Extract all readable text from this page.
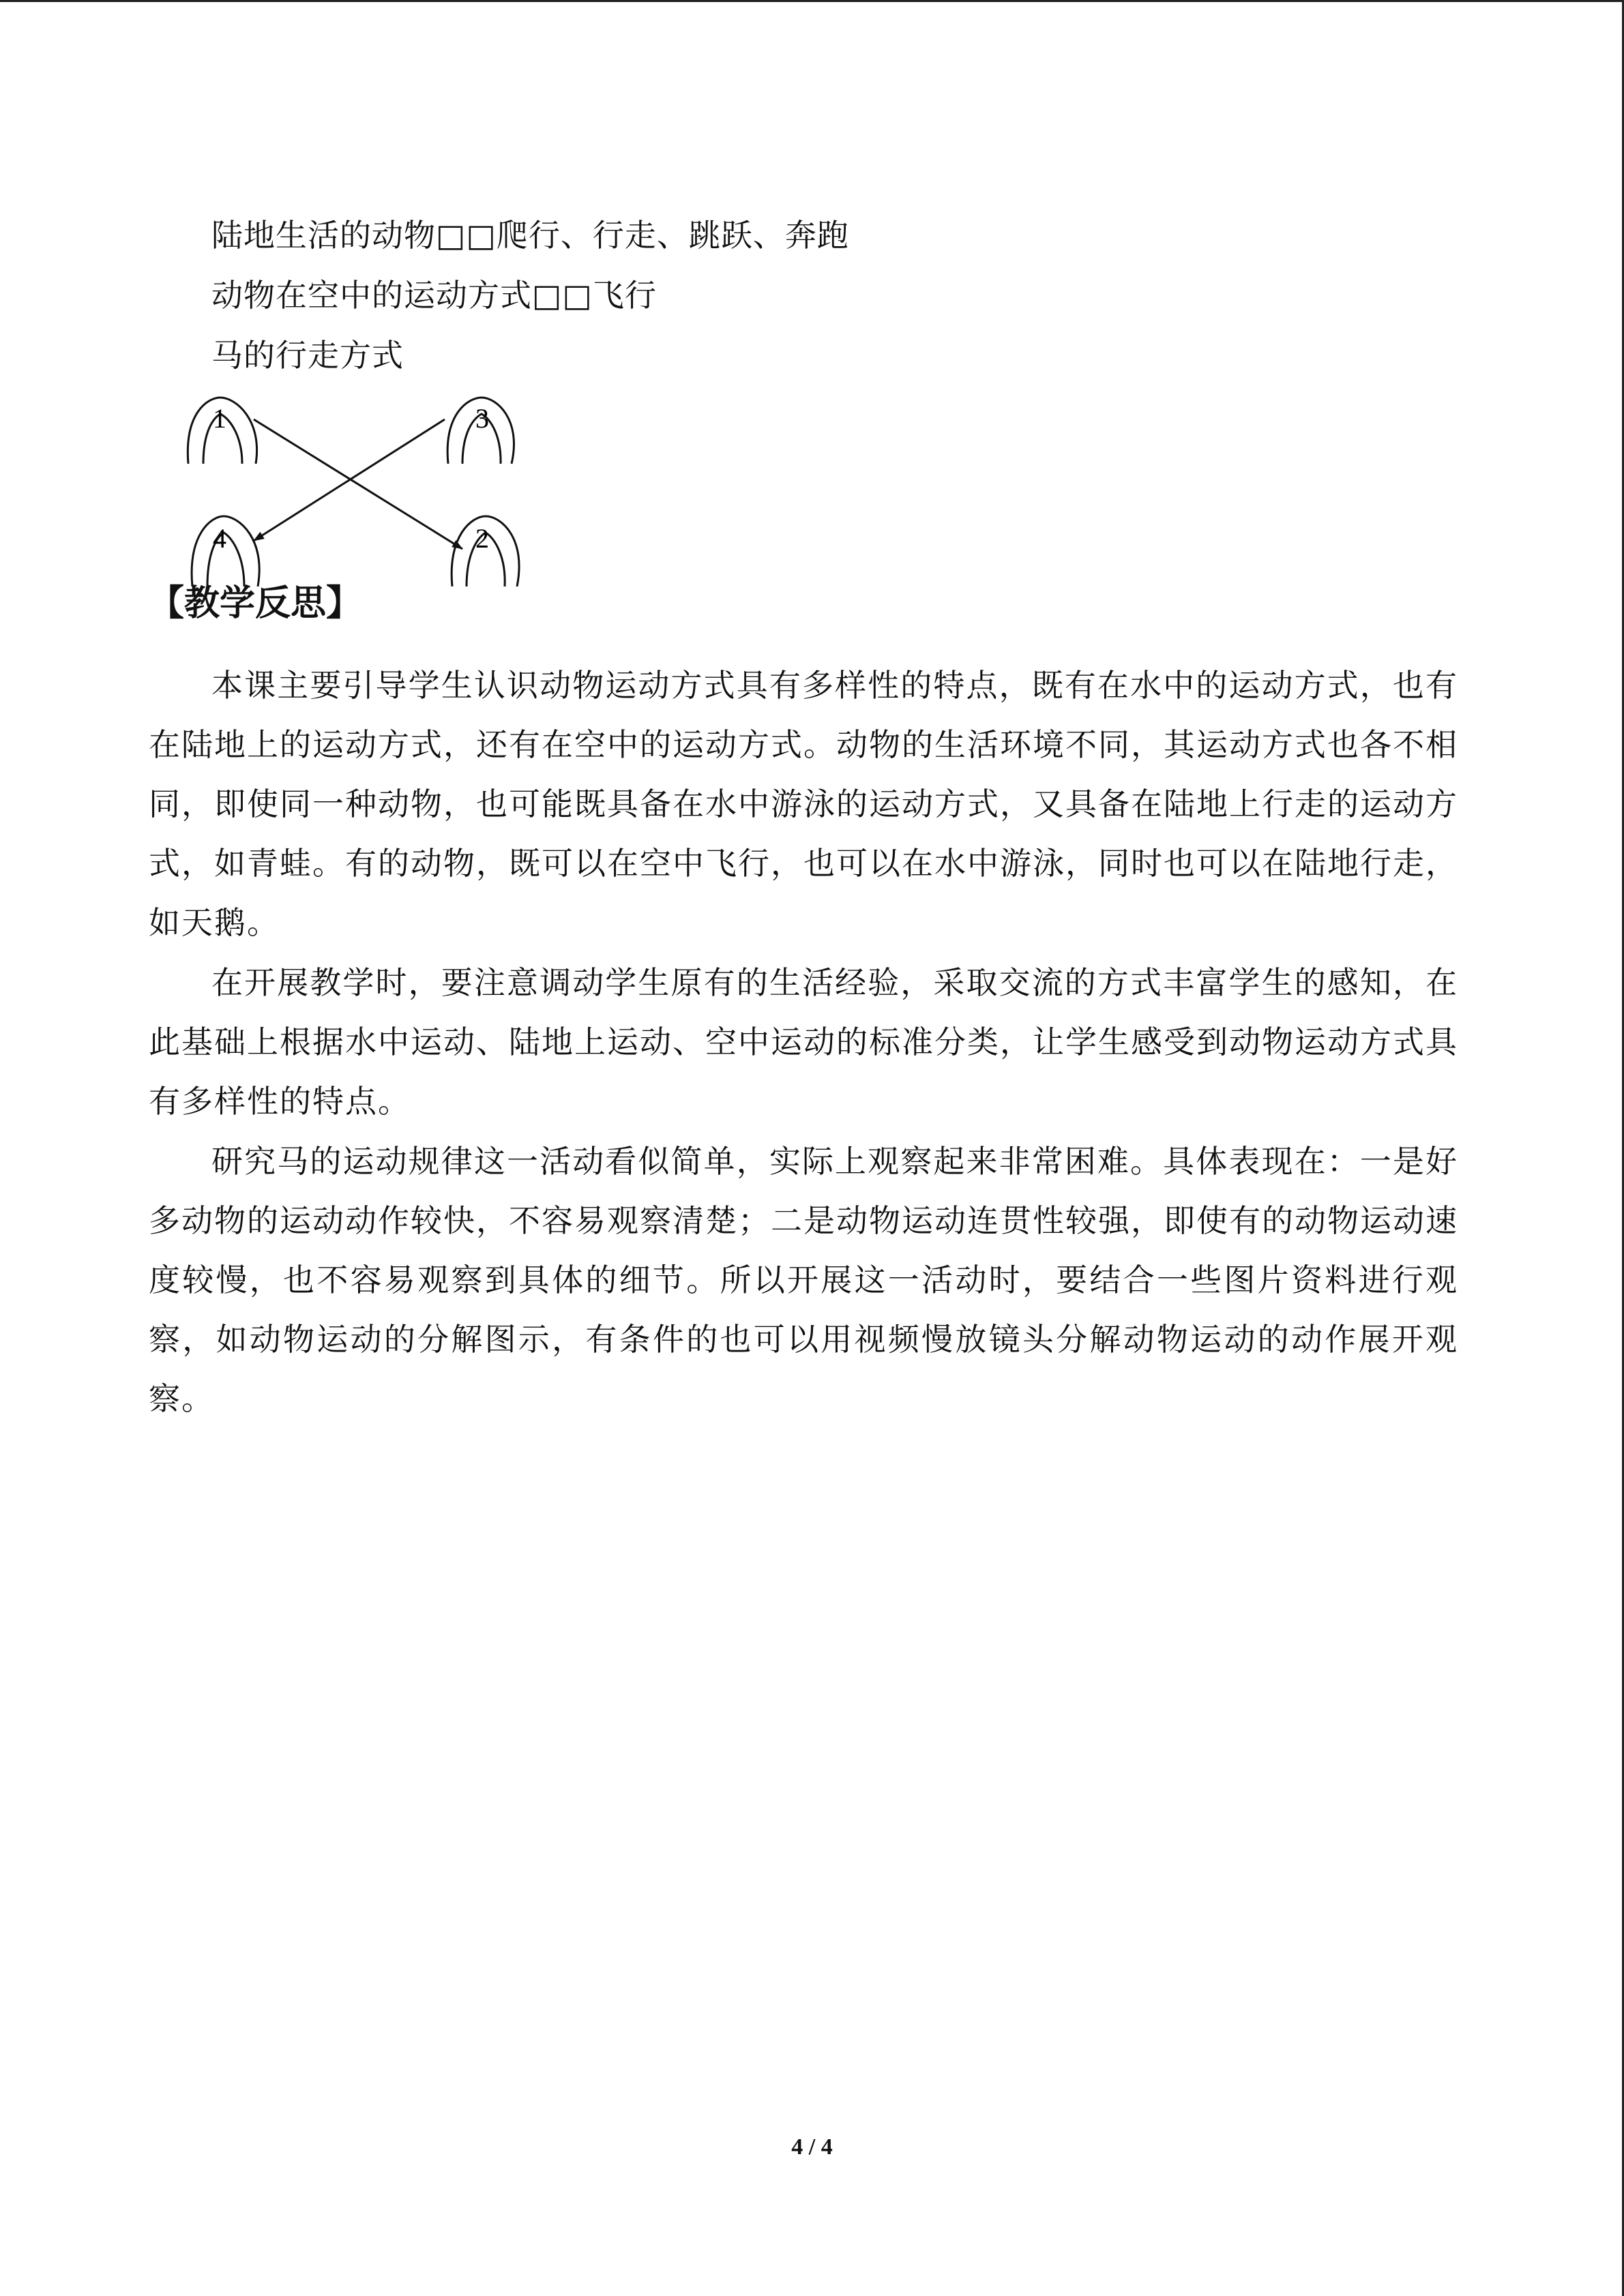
陆地生活的动物□□爬行、行走、跳跃、奔跑
动物在空中的运动方式□□飞行
马的行走方式
1	3
4	2
【教学反思】
本课主要引导学生认识动物运动方式具有多样性的特点，既有在水中的运动方式，也有在陆地上的运动方式，还有在空中的运动方式。动物的生活环境不同，其运动方式也各不相同，即使同一种动物，也可能既具备在水中游泳的运动方式，又具备在陆地上行走的运动方式，如青蛙。有的动物，既可以在空中飞行，也可以在水中游泳，同时也可以在陆地行走，如天鹅。
在开展教学时，要注意调动学生原有的生活经验，采取交流的方式丰富学生的感知，在此基础上根据水中运动、陆地上运动、空中运动的标准分类，让学生感受到动物运动方式具有多样性的特点。
研究马的运动规律这一活动看似简单，实际上观察起来非常困难。具体表现在：一是好多动物的运动动作较快，不容易观察清楚；二是动物运动连贯性较强，即使有的动物运动速度较慢，也不容易观察到具体的细节。所以开展这一活动时，要结合一些图片资料进行观察，如动物运动的分解图示，有条件的也可以用视频慢放镜头分解动物运动的动作展开观察。
4 / 4
